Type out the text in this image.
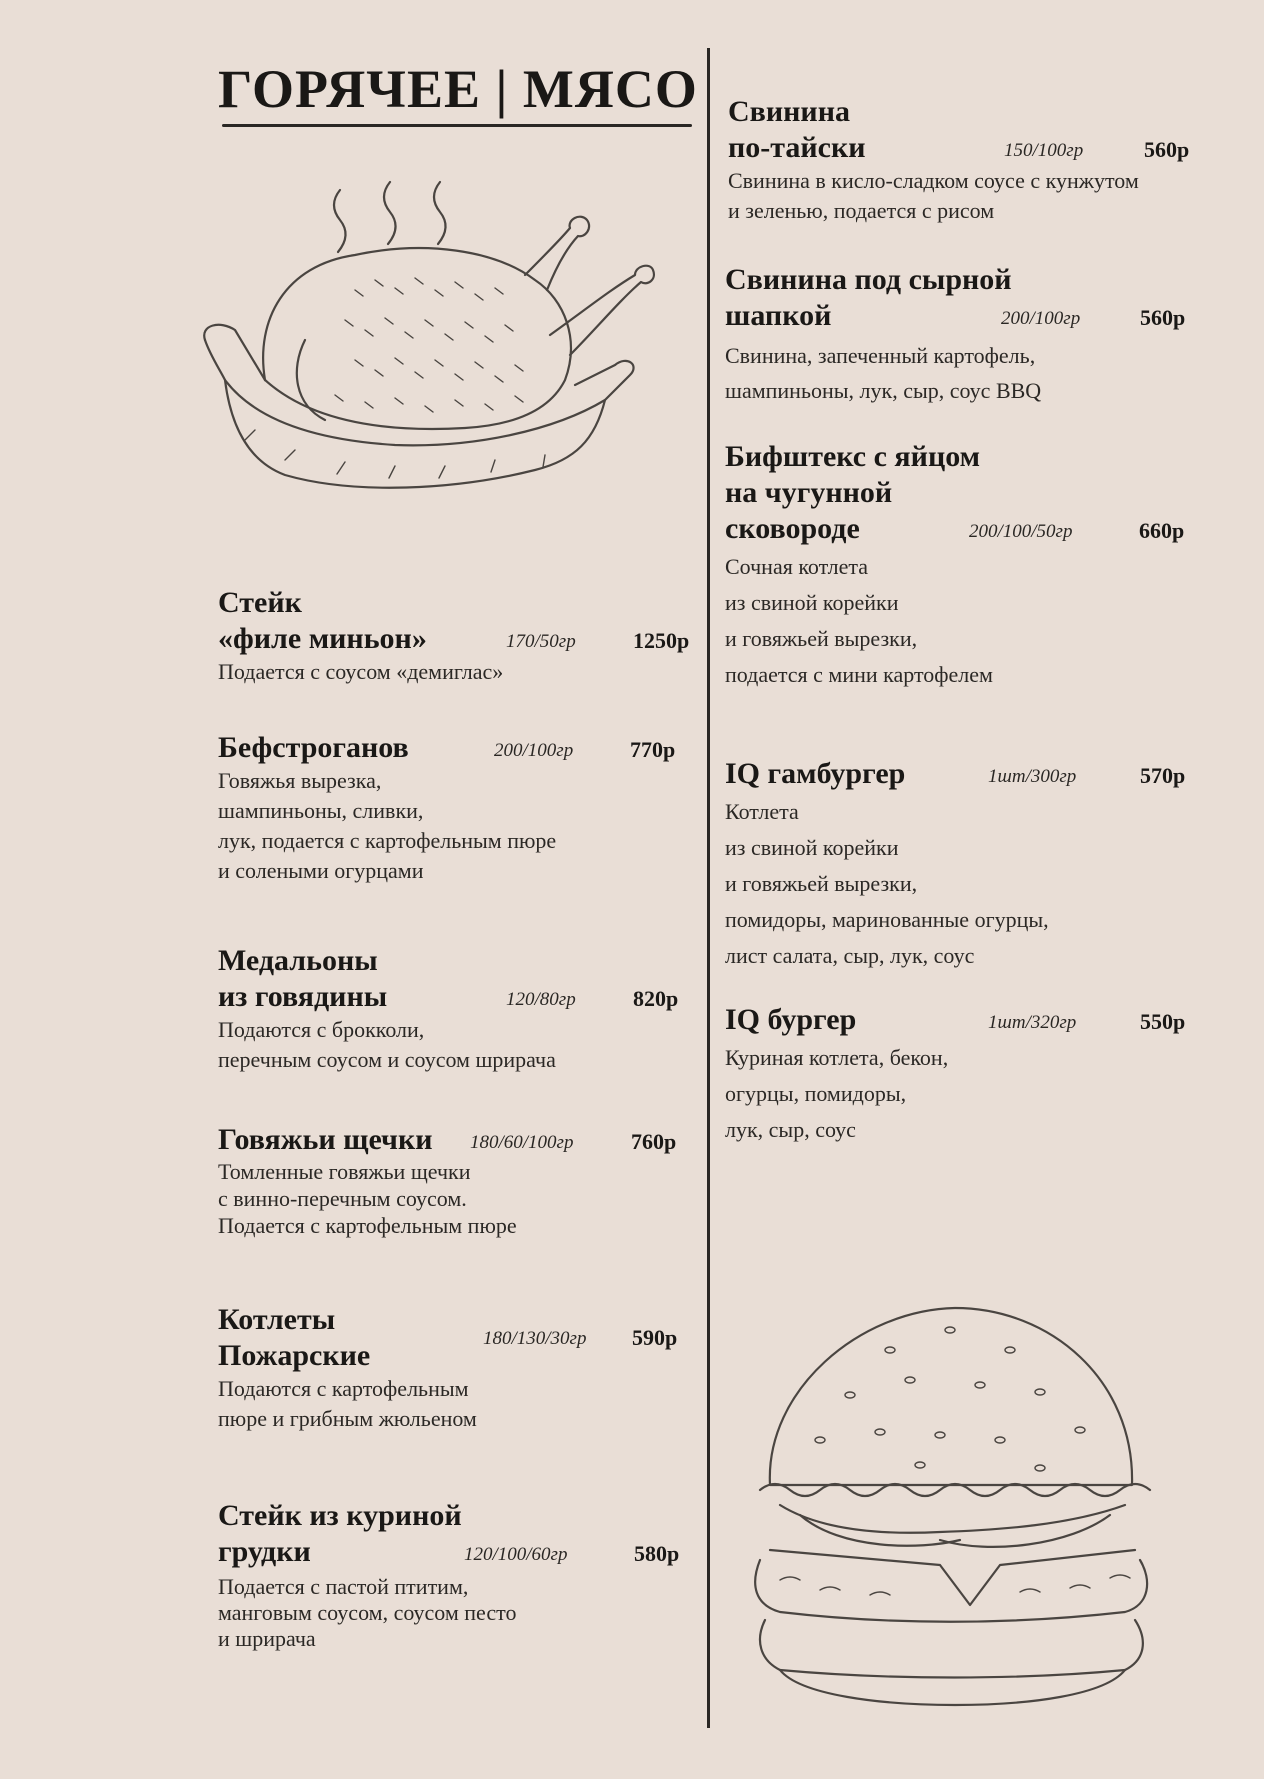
ГОРЯЧЕЕ | МЯСО
Стейк
«филе миньон»	170/50гр	1250р
Подается с соусом «демиглас»
Бефстроганов	200/100гр	770р
Говяжья вырезка,
шампиньоны, сливки,
лук, подается с картофельным пюре
и солеными огурцами
Медальоны
из говядины	120/80гр	820р
Подаются с брокколи,
перечным соусом и соусом шрирача
Говяжьи щечки	180/60/100гр	760р
Томленные говяжьи щечки
с винно-перечным соусом.
Подается с картофельным пюре
Котлеты
Пожарские
180/130/30гр 590р
Подаются с картофельным
пюре и грибным жюльеном
Стейк из куриной
грудки	120/100/60гр	580р
Подается с пастой птитим,
манговым соусом, соусом песто
и шрирача
Свинина
по-тайски	150/100гр	560р
Свинина в кисло-сладком соусе с кунжутом
и зеленью, подается с рисом
Свинина под сырной
шапкой	200/100гр	560р
Свинина, запеченный картофель,
шампиньоны, лук, сыр, соус BBQ
Бифштекс с яйцом
на чугунной
сковороде	200/100/50гр	660р
Сочная котлета
из свиной корейки
и говяжьей вырезки,
подается с мини картофелем
IQ гамбургер	1шт/300гр	570р
Котлета
из свиной корейки
и говяжьей вырезки,
помидоры, маринованные огурцы,
лист салата, сыр, лук, соус
IQ бургер	1шт/320гр	550р
Куриная котлета, бекон,
огурцы, помидоры,
лук, сыр, соус
